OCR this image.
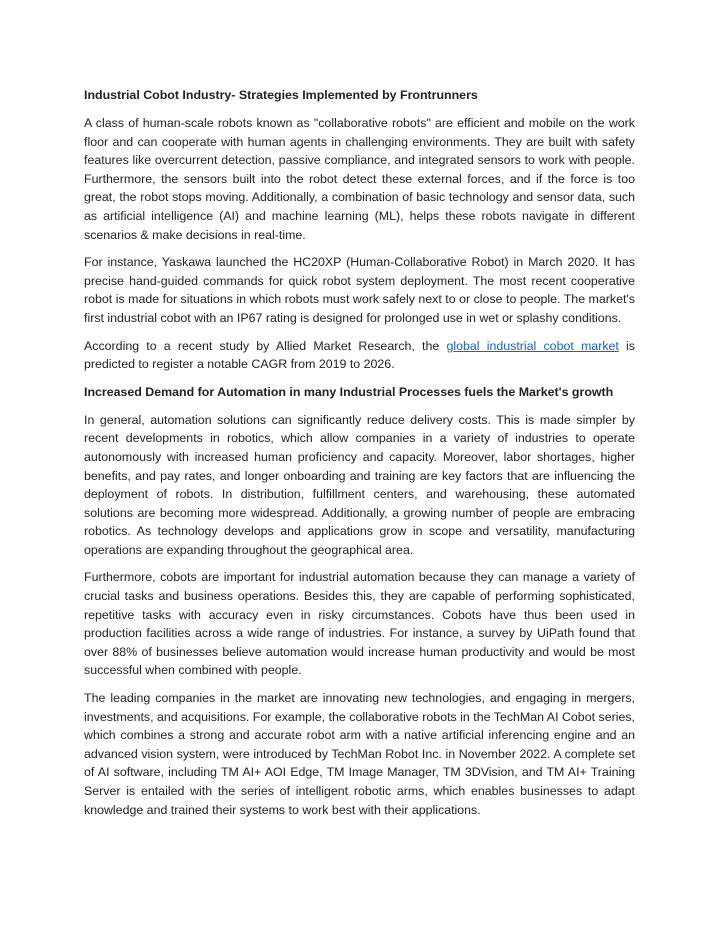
Industrial Cobot Industry- Strategies Implemented by Frontrunners

A class of human-scale robots known as "collaborative robots" are efficient and mobile on the work floor and can cooperate with human agents in challenging environments. They are built with safety features like overcurrent detection, passive compliance, and integrated sensors to work with people. Furthermore, the sensors built into the robot detect these external forces, and if the force is too great, the robot stops moving. Additionally, a combination of basic technology and sensor data, such as artificial intelligence (AI) and machine learning (ML), helps these robots navigate in different scenarios & make decisions in real-time.

For instance, Yaskawa launched the HC20XP (Human-Collaborative Robot) in March 2020. It has precise hand-guided commands for quick robot system deployment. The most recent cooperative robot is made for situations in which robots must work safely next to or close to people. The market's first industrial cobot with an IP67 rating is designed for prolonged use in wet or splashy conditions.

According to a recent study by Allied Market Research, the global industrial cobot market is predicted to register a notable CAGR from 2019 to 2026.

Increased Demand for Automation in many Industrial Processes fuels the Market's growth

In general, automation solutions can significantly reduce delivery costs. This is made simpler by recent developments in robotics, which allow companies in a variety of industries to operate autonomously with increased human proficiency and capacity. Moreover, labor shortages, higher benefits, and pay rates, and longer onboarding and training are key factors that are influencing the deployment of robots. In distribution, fulfillment centers, and warehousing, these automated solutions are becoming more widespread. Additionally, a growing number of people are embracing robotics. As technology develops and applications grow in scope and versatility, manufacturing operations are expanding throughout the geographical area.

Furthermore, cobots are important for industrial automation because they can manage a variety of crucial tasks and business operations. Besides this, they are capable of performing sophisticated, repetitive tasks with accuracy even in risky circumstances. Cobots have thus been used in production facilities across a wide range of industries. For instance, a survey by UiPath found that over 88% of businesses believe automation would increase human productivity and would be most successful when combined with people.

The leading companies in the market are innovating new technologies, and engaging in mergers, investments, and acquisitions. For example, the collaborative robots in the TechMan AI Cobot series, which combines a strong and accurate robot arm with a native artificial inferencing engine and an advanced vision system, were introduced by TechMan Robot Inc. in November 2022. A complete set of AI software, including TM AI+ AOI Edge, TM Image Manager, TM 3DVision, and TM AI+ Training Server is entailed with the series of intelligent robotic arms, which enables businesses to adapt knowledge and trained their systems to work best with their applications.
